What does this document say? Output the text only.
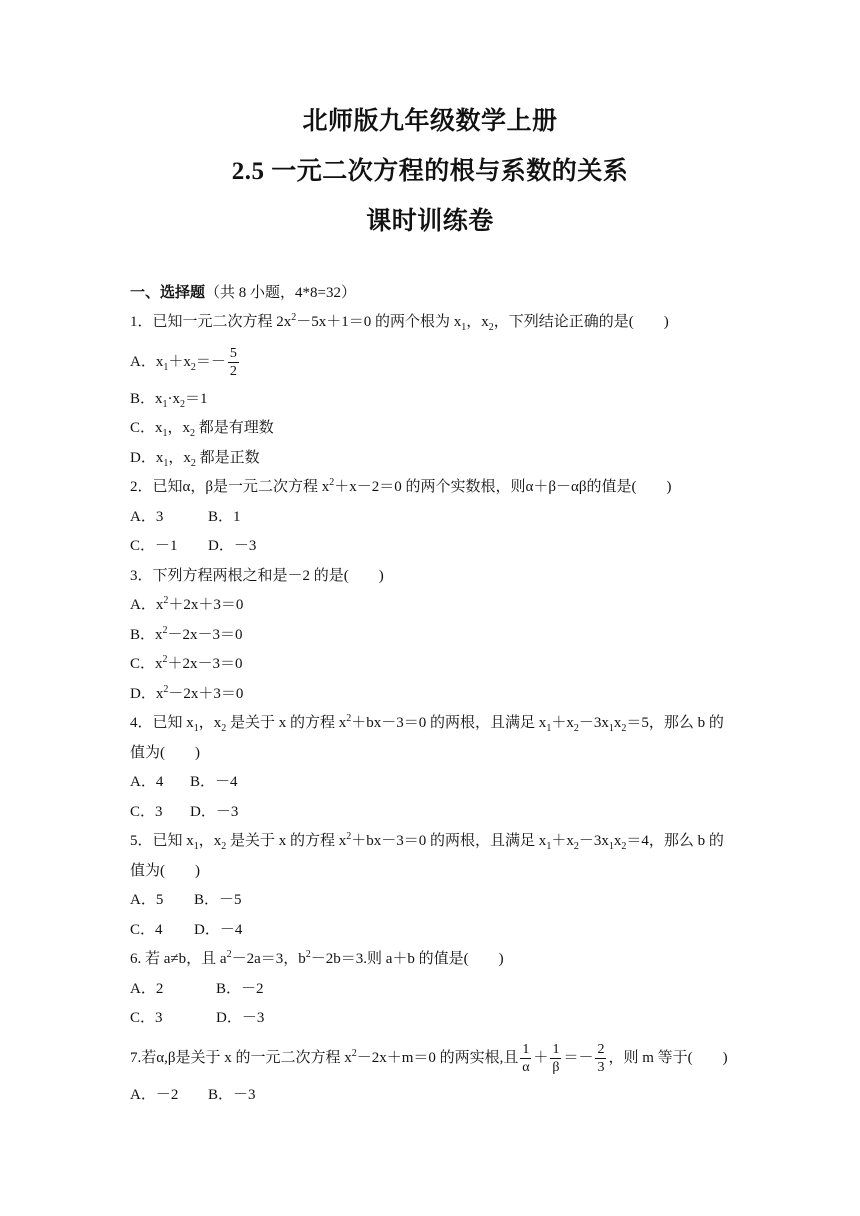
北师版九年级数学上册
2.5 一元二次方程的根与系数的关系
课时训练卷
一、选择题（共 8 小题，4*8=32）
1．已知一元二次方程 $2x^2-5x+1=0$ 的两个根为 $x_1$，$x_2$，下列结论正确的是(　　)
A．$x_1+x_2=- \frac{5}{2}$
B．$x_1\cdot x_2=1$
C．$x_1$，$x_2$ 都是有理数
D．$x_1$，$x_2$ 都是正数
2．已知α，β是一元二次方程 $x^2+x-2=0$ 的两个实数根，则α＋β－αβ的值是(　　)
A．3	B．1
C．－1 D．－3
3．下列方程两根之和是－2 的是(　　)
A．$x^2+2x+3=0$
B．$x^2-2x-3=0$
C．$x^2+2x-3=0$
D．$x^2-2x+3=0$
4．已知 $x_1$，$x_2$ 是关于 x 的方程 $x^2+bx-3=0$ 的两根，且满足 $x_1+x_2-3x_1x_2=5$，那么 b 的
值为(　　)
A．4 B．－4
C．3 D．－3
5．已知 $x_1$，$x_2$ 是关于 x 的方程 $x^2+bx-3=0$ 的两根，且满足 $x_1+x_2-3x_1x_2=4$，那么 b 的
值为(　　)
A．5 B．－5
C．4 D．－4
6. 若 a≠b，且 $a^2-2a=3$，$b^2-2b=3$.则 a＋b 的值是(　　)
A．2	B．－2
C．3	D．－3
7.若α,β是关于 x 的一元二次方程 $x^2-2x+m=0$ 的两实根,且 $\frac{1}{\alpha} + \frac{1}{\beta} =- \frac{2}{3}$ ，则 m 等于(　　)
A．－2 B．－3
